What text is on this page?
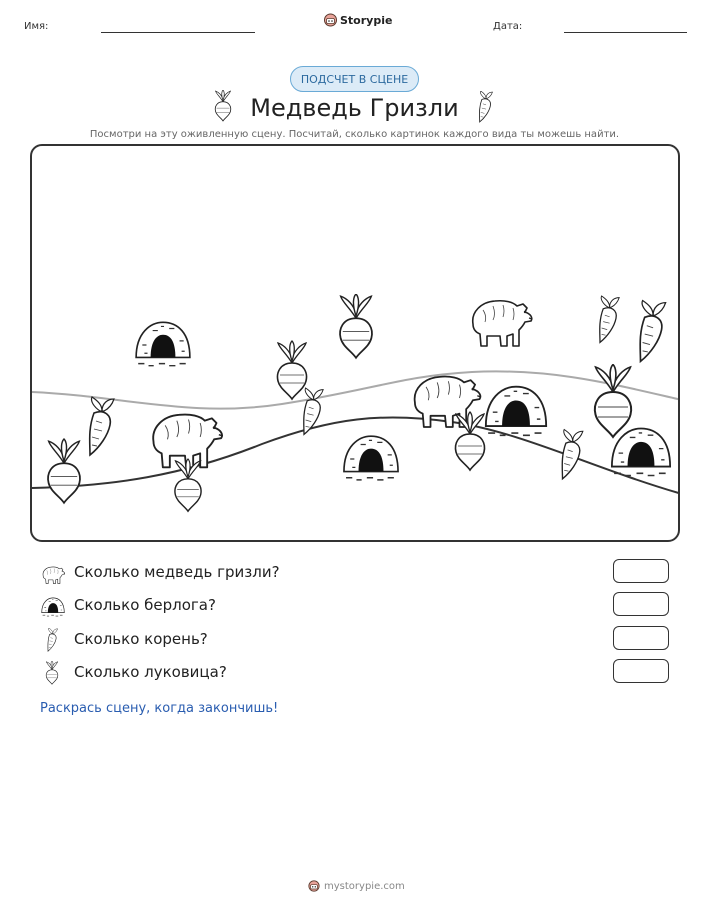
Имя:	Storypie	Дата:
ПОДСЧЕТ В СЦЕНЕ
Медведь Гризли
Посмотри на эту оживленную сцену. Посчитай, сколько картинок каждого вида ты можешь найти.
Сколько медведь гризли?
Сколько берлога?
Сколько корень?
Сколько луковица?
Раскрась сцену, когда закончишь!
mystorypie.com
